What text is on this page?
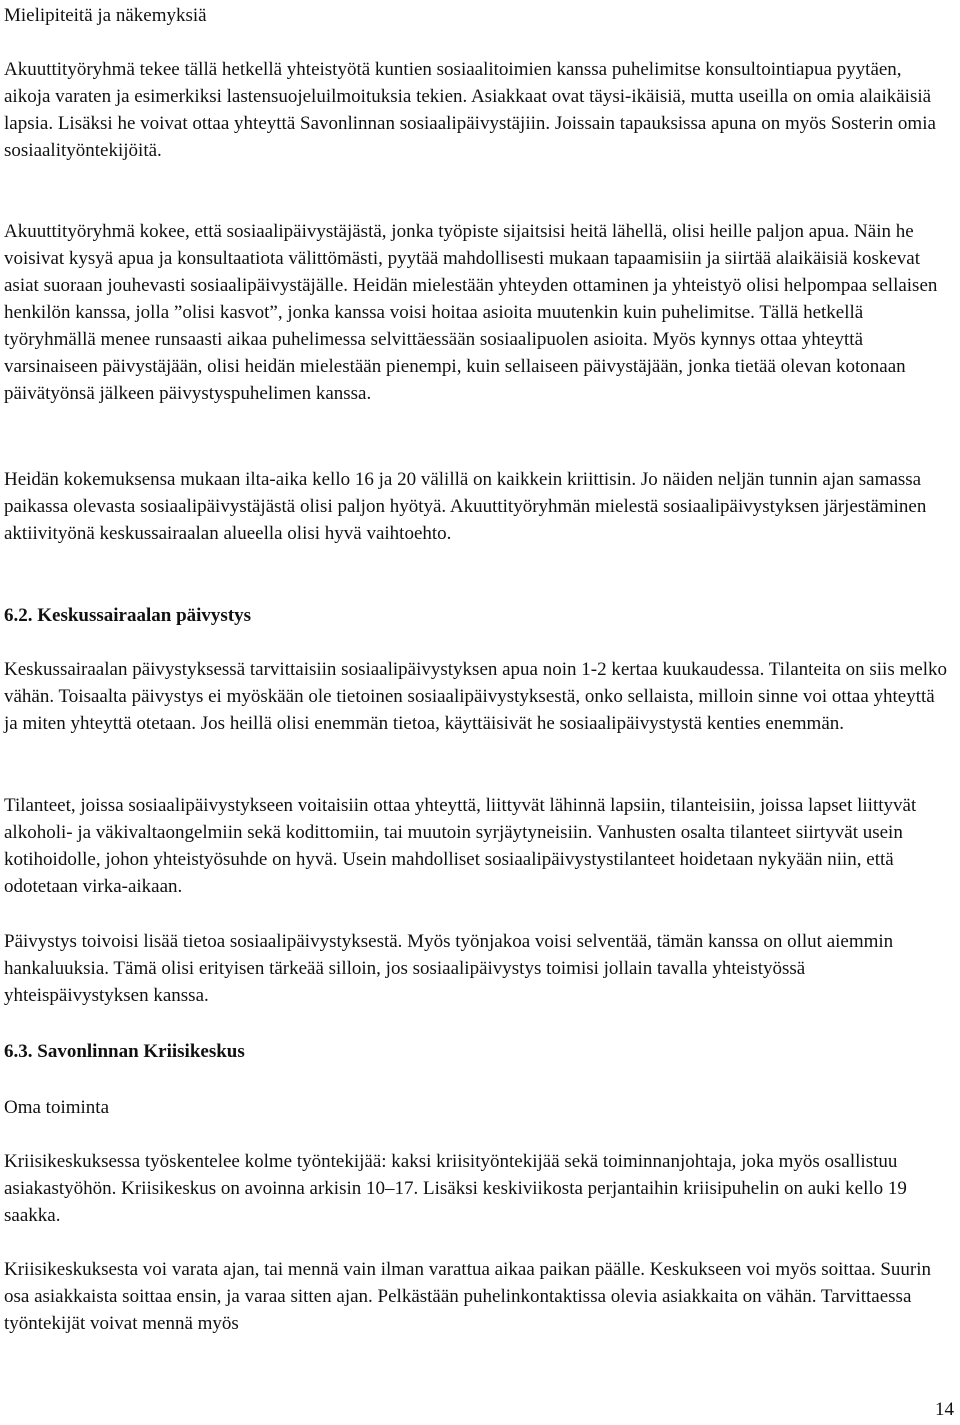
Mielipiteitä ja näkemyksiä

Akuuttityöryhmä tekee tällä hetkellä yhteistyötä kuntien sosiaalitoimien kanssa puhelimitse konsultointiapua pyytäen, aikoja varaten ja esimerkiksi lastensuojeluilmoituksia tekien. Asiakkaat ovat täysi-ikäisiä, mutta useilla on omia alaikäisiä lapsia. Lisäksi he voivat ottaa yhteyttä Savonlinnan sosiaalipäivystäjiin. Joissain tapauksissa apuna on myös Sosterin omia sosiaalityöntekijöitä.

Akuuttityöryhmä kokee, että sosiaalipäivystäjästä, jonka työpiste sijaitsisi heitä lähellä, olisi heille paljon apua. Näin he voisivat kysyä apua ja konsultaatiota välittömästi, pyytää mahdollisesti mukaan tapaamisiin ja siirtää alaikäisiä koskevat asiat suoraan jouhevasti sosiaalipäivystäjälle. Heidän mielestään yhteyden ottaminen ja yhteistyö olisi helpompaa sellaisen henkilön kanssa, jolla ”olisi kasvot”, jonka kanssa voisi hoitaa asioita muutenkin kuin puhelimitse. Tällä hetkellä työryhmällä menee runsaasti aikaa puhelimessa selvittäessään sosiaalipuolen asioita. Myös kynnys ottaa yhteyttä varsinaiseen päivystäjään, olisi heidän mielestään pienempi, kuin sellaiseen päivystäjään, jonka tietää olevan kotonaan päivätyönsä jälkeen päivystyspuhelimen kanssa.

Heidän kokemuksensa mukaan ilta-aika kello 16 ja 20 välillä on kaikkein kriittisin. Jo näiden neljän tunnin ajan samassa paikassa olevasta sosiaalipäivystäjästä olisi paljon hyötyä. Akuuttityöryhmän mielestä sosiaalipäivystyksen järjestäminen aktiivityönä keskussairaalan alueella olisi hyvä vaihtoehto.

6.2. Keskussairaalan päivystys

Keskussairaalan päivystyksessä tarvittaisiin sosiaalipäivystyksen apua noin 1-2 kertaa kuukaudessa. Tilanteita on siis melko vähän. Toisaalta päivystys ei myöskään ole tietoinen sosiaalipäivystyksestä, onko sellaista, milloin sinne voi ottaa yhteyttä ja miten yhteyttä otetaan. Jos heillä olisi enemmän tietoa, käyttäisivät he sosiaalipäivystystä kenties enemmän.

Tilanteet, joissa sosiaalipäivystykseen voitaisiin ottaa yhteyttä, liittyvät lähinnä lapsiin, tilanteisiin, joissa lapset liittyvät alkoholi- ja väkivaltaongelmiin sekä kodittomiin, tai muutoin syrjäytyneisiin. Vanhusten osalta tilanteet siirtyvät usein kotihoidolle, johon yhteistyösuhde on hyvä. Usein mahdolliset sosiaalipäivystystilanteet hoidetaan nykyään niin, että odotetaan virka-aikaan.

Päivystys toivoisi lisää tietoa sosiaalipäivystyksestä. Myös työnjakoa voisi selventää, tämän kanssa on ollut aiemmin hankaluuksia. Tämä olisi erityisen tärkeää silloin, jos sosiaalipäivystys toimisi jollain tavalla yhteistyössä yhteispäivystyksen kanssa.

6.3. Savonlinnan Kriisikeskus

Oma toiminta

Kriisikeskuksessa työskentelee kolme työntekijää: kaksi kriisityöntekijää sekä toiminnanjohtaja, joka myös osallistuu asiakastyöhön. Kriisikeskus on avoinna arkisin 10–17. Lisäksi keskiviikosta perjantaihin kriisipuhelin on auki kello 19 saakka.

Kriisikeskuksesta voi varata ajan, tai mennä vain ilman varattua aikaa paikan päälle. Keskukseen voi myös soittaa. Suurin osa asiakkaista soittaa ensin, ja varaa sitten ajan. Pelkästään puhelinkontaktissa olevia asiakkaita on vähän. Tarvittaessa työntekijät voivat mennä myös

14
